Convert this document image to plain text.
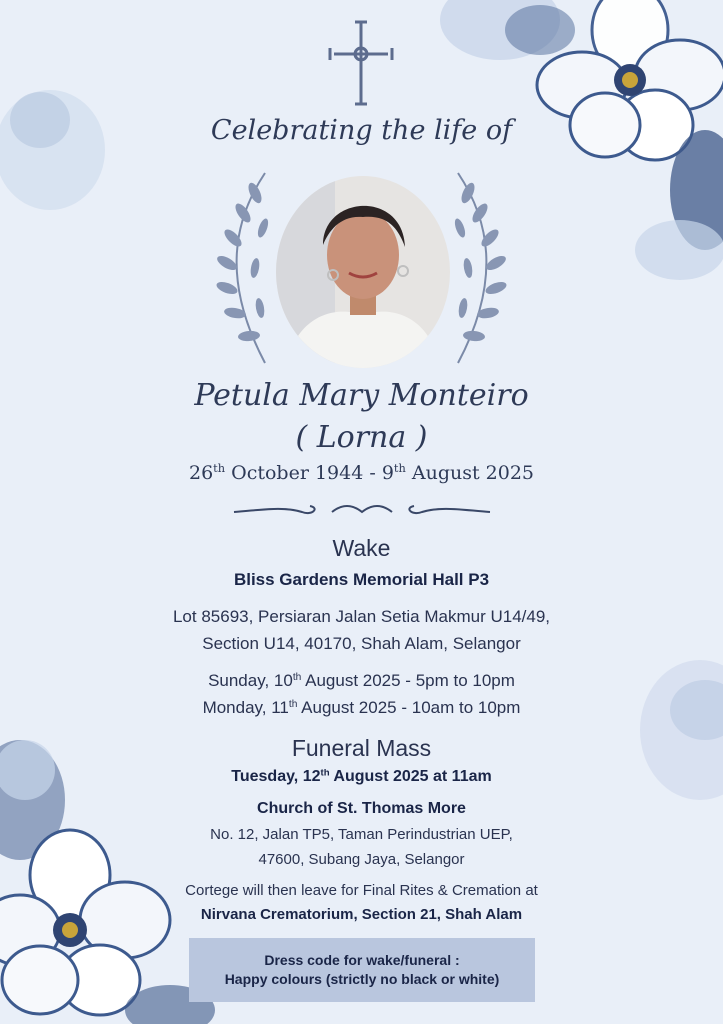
Celebrating the life of
Petula Mary Monteiro
( Lorna )
26th October 1944 - 9th August 2025
Wake
Bliss Gardens Memorial Hall P3
Lot 85693, Persiaran Jalan Setia Makmur U14/49,
Section U14, 40170, Shah Alam, Selangor
Sunday, 10th August 2025 - 5pm to 10pm
Monday, 11th August 2025 - 10am to 10pm
Funeral Mass
Tuesday, 12th August 2025 at 11am
Church of St. Thomas More
No. 12, Jalan TP5, Taman Perindustrian UEP,
47600, Subang Jaya, Selangor
Cortege will then leave for Final Rites & Cremation at
Nirvana Crematorium, Section 21, Shah Alam
Dress code for wake/funeral :
Happy colours (strictly no black or white)
